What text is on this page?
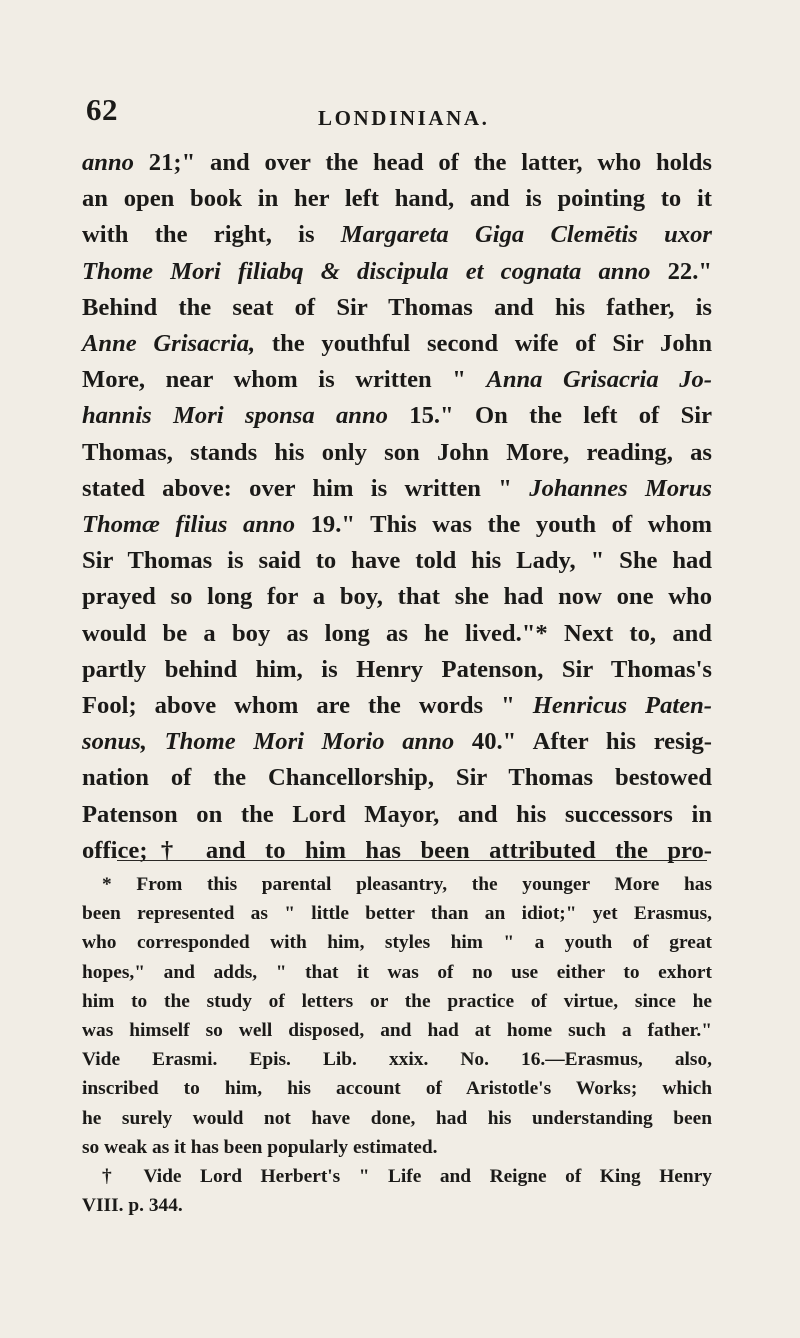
62	LONDINIANA.
anno 21;" and over the head of the latter, who holds
an open book in her left hand, and is pointing to it
with the right, is Margareta Giga Clemētis uxor
Thome Mori filiabq & discipula et cognata anno 22."
Behind the seat of Sir Thomas and his father, is
Anne Grisacria, the youthful second wife of Sir John
More, near whom is written " Anna Grisacria Jo-
hannis Mori sponsa anno 15." On the left of Sir
Thomas, stands his only son John More, reading, as
stated above: over him is written " Johannes Morus
Thomæ filius anno 19." This was the youth of whom
Sir Thomas is said to have told his Lady, " She had
prayed so long for a boy, that she had now one who
would be a boy as long as he lived."* Next to, and
partly behind him, is Henry Patenson, Sir Thomas's
Fool; above whom are the words " Henricus Paten-
sonus, Thome Mori Morio anno 40." After his resig-
nation of the Chancellorship, Sir Thomas bestowed
Patenson on the Lord Mayor, and his successors in
office;† and to him has been attributed the pro-
* From this parental pleasantry, the younger More has
been represented as " little better than an idiot;" yet Erasmus,
who corresponded with him, styles him " a youth of great
hopes," and adds, " that it was of no use either to exhort
him to the study of letters or the practice of virtue, since he
was himself so well disposed, and had at home such a father."
Vide Erasmi. Epis. Lib. xxix. No. 16.—Erasmus, also,
inscribed to him, his account of Aristotle's Works; which
he surely would not have done, had his understanding been
so weak as it has been popularly estimated.
† Vide Lord Herbert's " Life and Reigne of King Henry
VIII. p. 344.
